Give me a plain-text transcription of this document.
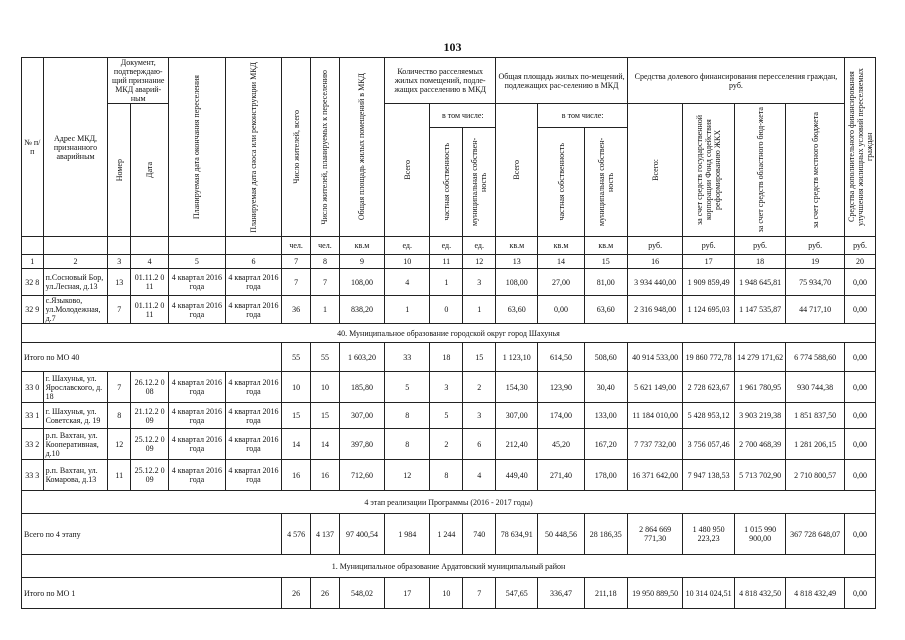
103
№ п/п	Адрес МКД, признанного аварийным	Документ, подтверждаю-щий признание МКД аварий-ным		Планируемая дата окончания переселения	Планируемая дата сноса или реконструкции МКД	Число жителей, всего	Число жителей, планируемых к переселению	Общая площадь жилых помещений в МКД	Количество расселяемых жилых помещений, подле-жащих расселению в МКД			Общая площадь жилых по-мещений, подлежащих рас-селению в МКД			Средства долевого финансирования пересселения граждан, руб.				Средства дополнительного финансирования улучшения жилищных условий переселяемых граждан

		Номер	Дата						Всего	в том числе:		Всего	в том числе:		Всего:	за счет средств государственной корпорации Фонд содействия реформированию ЖКХ	за счет средств областного бюд-жета	за счет средств местного бюджета	

										частная собственность	муниципальная собствен-ность		частная собственность	муниципальная собствен-ность					

						чел.	чел.	кв.м	ед.	ед.	ед.	кв.м	кв.м	кв.м	руб.	руб.	руб.	руб.	руб.
1	2	3	4	5	6	7	8	9	10	11	12	13	14	15	16	17	18	19	20
32 8	п.Сосновый Бор, ул.Лесная, д.13	13	01.11.2 011	4 квартал 2016 года	4 квартал 2016 года	7	7	108,00	4	1	3	108,00	27,00	81,00	3 934 440,00	1 909 859,49	1 948 645,81	75 934,70	0,00
32 9	с.Языково, ул.Молодежная, д.7	7	01.11.2 011	4 квартал 2016 года	4 квартал 2016 года	36	1	838,20	1	0	1	63,60	0,00	63,60	2 316 948,00	1 124 695,03	1 147 535,87	44 717,10	0,00
40. Муниципальное образование городской округ город Шахунья																			
Итого по МО 40						55	55	1 603,20	33	18	15	1 123,10	614,50	508,60	40 914 533,00	19 860 772,78	14 279 171,62	6 774 588,60	0,00
33 0	г. Шахунья, ул. Ярославского, д. 18	7	26.12.2 008	4 квартал 2016 года	4 квартал 2016 года	10	10	185,80	5	3	2	154,30	123,90	30,40	5 621 149,00	2 728 623,67	1 961 780,95	930 744,38	0,00
33 1	г. Шахунья, ул. Советская, д. 19	8	21.12.2 009	4 квартал 2016 года	4 квартал 2016 года	15	15	307,00	8	5	3	307,00	174,00	133,00	11 184 010,00	5 428 953,12	3 903 219,38	1 851 837,50	0,00
33 2	р.п. Вахтан, ул. Кооперативная, д.10	12	25.12.2 009	4 квартал 2016 года	4 квартал 2016 года	14	14	397,80	8	2	6	212,40	45,20	167,20	7 737 732,00	3 756 057,46	2 700 468,39	1 281 206,15	0,00
33 3	р.п. Вахтан, ул. Комарова, д.13	11	25.12.2 009	4 квартал 2016 года	4 квартал 2016 года	16	16	712,60	12	8	4	449,40	271,40	178,00	16 371 642,00	7 947 138,53	5 713 702,90	2 710 800,57	0,00
4 этап реализации Программы (2016 - 2017 годы)																			
Всего по 4 этапу						4 576	4 137	97 400,54	1 984	1 244	740	78 634,91	50 448,56	28 186,35	2 864 669 771,30	1 480 950 223,23	1 015 990 900,00	367 728 648,07	0,00
1. Муниципальное образование Ардатовский муниципальный район																			
Итого по МО 1						26	26	548,02	17	10	7	547,65	336,47	211,18	19 950 889,50	10 314 024,51	4 818 432,50	4 818 432,49	0,00
